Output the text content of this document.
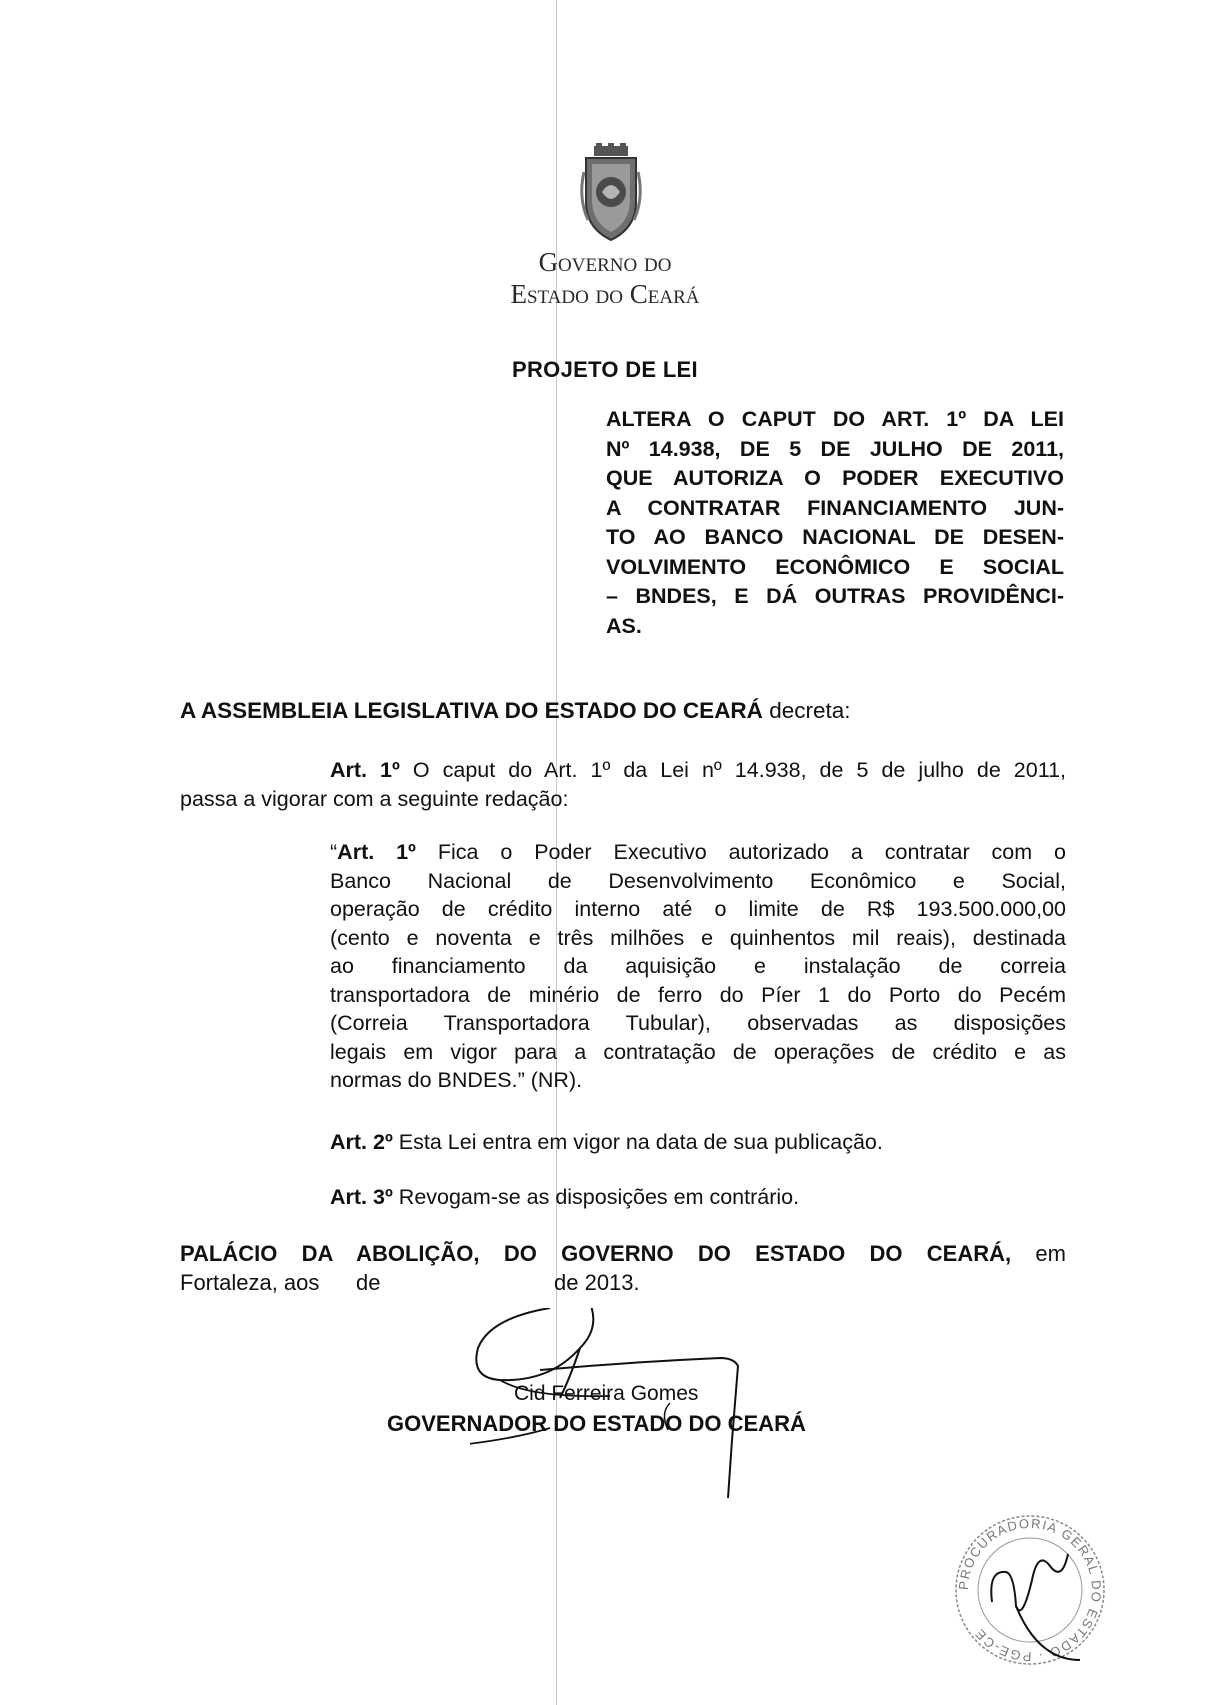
Governo do
Estado do Ceará
PROJETO DE LEI
ALTERA O CAPUT DO ART. 1º DA LEI
Nº 14.938, DE 5 DE JULHO DE 2011,
QUE AUTORIZA O PODER EXECUTIVO
A CONTRATAR FINANCIAMENTO JUN-
TO AO BANCO NACIONAL DE DESEN-
VOLVIMENTO ECONÔMICO E SOCIAL
– BNDES, E DÁ OUTRAS PROVIDÊNCI-
AS.
A ASSEMBLEIA LEGISLATIVA DO ESTADO DO CEARÁ decreta:
Art. 1º O caput do Art. 1º da Lei nº 14.938, de 5 de julho de 2011,
passa a vigorar com a seguinte redação:
“Art. 1º Fica o Poder Executivo autorizado a contratar com o
Banco Nacional de Desenvolvimento Econômico e Social,
operação de crédito interno até o limite de R$ 193.500.000,00
(cento e noventa e três milhões e quinhentos mil reais), destinada
ao financiamento da aquisição e instalação de correia
transportadora de minério de ferro do Píer 1 do Porto do Pecém
(Correia Transportadora Tubular), observadas as disposições
legais em vigor para a contratação de operações de crédito e as
normas do BNDES.” (NR).
Art. 2º Esta Lei entra em vigor na data de sua publicação.
Art. 3º Revogam-se as disposições em contrário.
PALÁCIO DA ABOLIÇÃO, DO GOVERNO DO ESTADO DO CEARÁ, em
Fortaleza, aos de	de 2013.
Cid Ferreira Gomes
GOVERNADOR DO ESTADO DO CEARÁ
PROCURADORIA GERAL DO ESTADO · PGE-CE
